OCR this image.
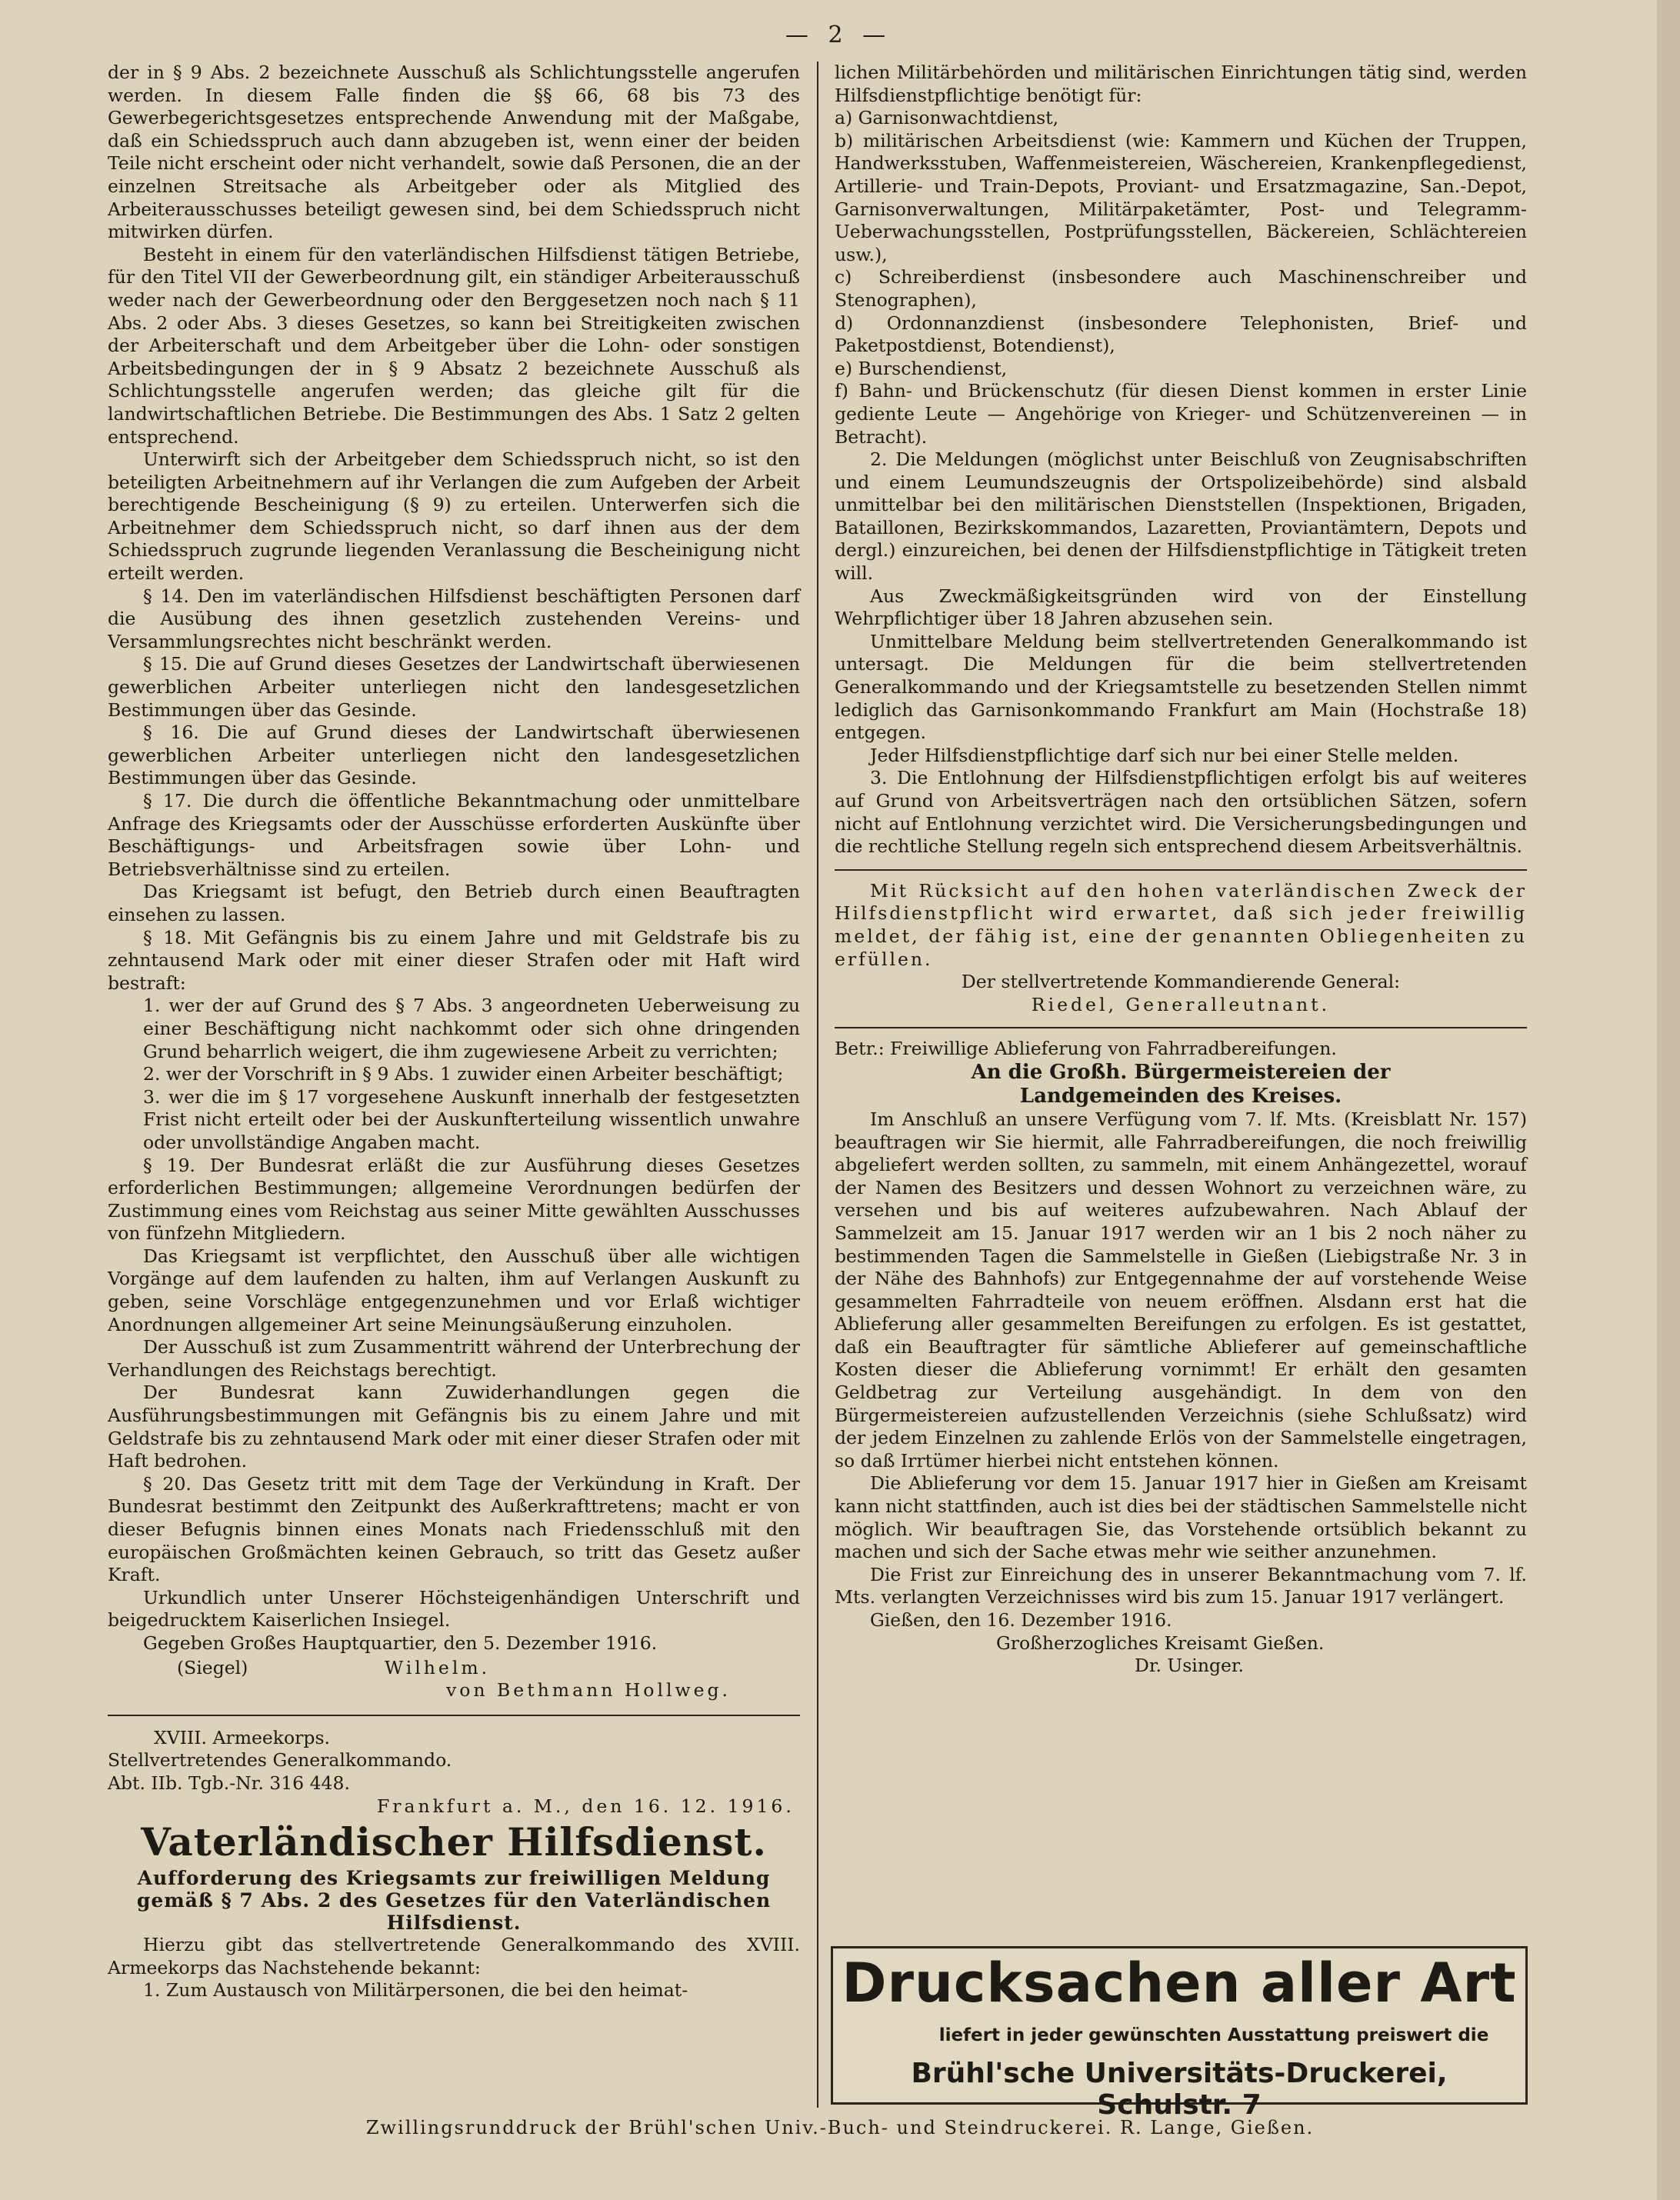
— 2 —

der in § 9 Abs. 2 bezeichnete Ausschuß als Schlichtungsstelle angerufen werden. In diesem Falle finden die §§ 66, 68 bis 73 des Gewerbegerichtsgesetzes entsprechende Anwendung mit der Maßgabe, daß ein Schiedsspruch auch dann abzugeben ist, wenn einer der beiden Teile nicht erscheint oder nicht verhandelt, sowie daß Personen, die an der einzelnen Streitsache als Arbeitgeber oder als Mitglied des Arbeiterausschusses beteiligt gewesen sind, bei dem Schiedsspruch nicht mitwirken dürfen.

Besteht in einem für den vaterländischen Hilfsdienst tätigen Betriebe, für den Titel VII der Gewerbeordnung gilt, ein ständiger Arbeiterausschuß weder nach der Gewerbeordnung oder den Berggesetzen noch nach § 11 Abs. 2 oder Abs. 3 dieses Gesetzes, so kann bei Streitigkeiten zwischen der Arbeiterschaft und dem Arbeitgeber über die Lohn- oder sonstigen Arbeitsbedingungen der in § 9 Absatz 2 bezeichnete Ausschuß als Schlichtungsstelle angerufen werden; das gleiche gilt für die landwirtschaftlichen Betriebe. Die Bestimmungen des Abs. 1 Satz 2 gelten entsprechend.

Unterwirft sich der Arbeitgeber dem Schiedsspruch nicht, so ist den beteiligten Arbeitnehmern auf ihr Verlangen die zum Aufgeben der Arbeit berechtigende Bescheinigung (§ 9) zu erteilen. Unterwerfen sich die Arbeitnehmer dem Schiedsspruch nicht, so darf ihnen aus der dem Schiedsspruch zugrunde liegenden Veranlassung die Bescheinigung nicht erteilt werden.

§ 14. Den im vaterländischen Hilfsdienst beschäftigten Personen darf die Ausübung des ihnen gesetzlich zustehenden Vereins- und Versammlungsrechtes nicht beschränkt werden.

§ 15. Die auf Grund dieses Gesetzes der Landwirtschaft überwiesenen gewerblichen Arbeiter unterliegen nicht den landesgesetzlichen Bestimmungen über das Gesinde.

§ 16. Die auf Grund dieses der Landwirtschaft überwiesenen gewerblichen Arbeiter unterliegen nicht den landesgesetzlichen Bestimmungen über das Gesinde.

§ 17. Die durch die öffentliche Bekanntmachung oder unmittelbare Anfrage des Kriegsamts oder der Ausschüsse erforderten Auskünfte über Beschäftigungs- und Arbeitsfragen sowie über Lohn- und Betriebsverhältnisse sind zu erteilen.

Das Kriegsamt ist befugt, den Betrieb durch einen Beauftragten einsehen zu lassen.

§ 18. Mit Gefängnis bis zu einem Jahre und mit Geldstrafe bis zu zehntausend Mark oder mit einer dieser Strafen oder mit Haft wird bestraft:

1. wer der auf Grund des § 7 Abs. 3 angeordneten Ueberweisung zu einer Beschäftigung nicht nachkommt oder sich ohne dringenden Grund beharrlich weigert, die ihm zugewiesene Arbeit zu verrichten;

2. wer der Vorschrift in § 9 Abs. 1 zuwider einen Arbeiter beschäftigt;

3. wer die im § 17 vorgesehene Auskunft innerhalb der festgesetzten Frist nicht erteilt oder bei der Auskunfterteilung wissentlich unwahre oder unvollständige Angaben macht.

§ 19. Der Bundesrat erläßt die zur Ausführung dieses Gesetzes erforderlichen Bestimmungen; allgemeine Verordnungen bedürfen der Zustimmung eines vom Reichstag aus seiner Mitte gewählten Ausschusses von fünfzehn Mitgliedern.

Das Kriegsamt ist verpflichtet, den Ausschuß über alle wichtigen Vorgänge auf dem laufenden zu halten, ihm auf Verlangen Auskunft zu geben, seine Vorschläge entgegenzunehmen und vor Erlaß wichtiger Anordnungen allgemeiner Art seine Meinungsäußerung einzuholen.

Der Ausschuß ist zum Zusammentritt während der Unterbrechung der Verhandlungen des Reichstags berechtigt.

Der Bundesrat kann Zuwiderhandlungen gegen die Ausführungsbestimmungen mit Gefängnis bis zu einem Jahre und mit Geldstrafe bis zu zehntausend Mark oder mit einer dieser Strafen oder mit Haft bedrohen.

§ 20. Das Gesetz tritt mit dem Tage der Verkündung in Kraft. Der Bundesrat bestimmt den Zeitpunkt des Außerkrafttretens; macht er von dieser Befugnis binnen eines Monats nach Friedensschluß mit den europäischen Großmächten keinen Gebrauch, so tritt das Gesetz außer Kraft.

Urkundlich unter Unserer Höchsteigenhändigen Unterschrift und beigedrucktem Kaiserlichen Insiegel.

Gegeben Großes Hauptquartier, den 5. Dezember 1916.

(Siegel)	Wilhelm.
von Bethmann Hollweg.
XVIII. Armeekorps.
Stellvertretendes Generalkommando.
Abt. IIb. Tgb.-Nr. 316 448.
Frankfurt a. M., den 16. 12. 1916.
Vaterländischer Hilfsdienst.
Aufforderung des Kriegsamts zur freiwilligen Meldung gemäß § 7 Abs. 2 des Gesetzes für den Vaterländischen Hilfsdienst.

Hierzu gibt das stellvertretende Generalkommando des XVIII. Armeekorps das Nachstehende bekannt:

1. Zum Austausch von Militärpersonen, die bei den heimat-

lichen Militärbehörden und militärischen Einrichtungen tätig sind, werden Hilfsdienstpflichtige benötigt für:

a) Garnisonwachtdienst,

b) militärischen Arbeitsdienst (wie: Kammern und Küchen der Truppen, Handwerksstuben, Waffenmeistereien, Wäschereien, Krankenpflegedienst, Artillerie- und Train-Depots, Proviant- und Ersatzmagazine, San.-Depot, Garnisonverwaltungen, Militärpaketämter, Post- und Telegramm-Ueberwachungsstellen, Postprüfungsstellen, Bäckereien, Schlächtereien usw.),

c) Schreiberdienst (insbesondere auch Maschinenschreiber und Stenographen),

d) Ordonnanzdienst (insbesondere Telephonisten, Brief- und Paketpostdienst, Botendienst),

e) Burschendienst,

f) Bahn- und Brückenschutz (für diesen Dienst kommen in erster Linie gediente Leute — Angehörige von Krieger- und Schützenvereinen — in Betracht).

2. Die Meldungen (möglichst unter Beischluß von Zeugnisabschriften und einem Leumundszeugnis der Ortspolizeibehörde) sind alsbald unmittelbar bei den militärischen Dienststellen (Inspektionen, Brigaden, Bataillonen, Bezirkskommandos, Lazaretten, Proviantämtern, Depots und dergl.) einzureichen, bei denen der Hilfsdienstpflichtige in Tätigkeit treten will.

Aus Zweckmäßigkeitsgründen wird von der Einstellung Wehrpflichtiger über 18 Jahren abzusehen sein.

Unmittelbare Meldung beim stellvertretenden Generalkommando ist untersagt. Die Meldungen für die beim stellvertretenden Generalkommando und der Kriegsamtstelle zu besetzenden Stellen nimmt lediglich das Garnisonkommando Frankfurt am Main (Hochstraße 18) entgegen.

Jeder Hilfsdienstpflichtige darf sich nur bei einer Stelle melden.

3. Die Entlohnung der Hilfsdienstpflichtigen erfolgt bis auf weiteres auf Grund von Arbeitsverträgen nach den ortsüblichen Sätzen, sofern nicht auf Entlohnung verzichtet wird. Die Versicherungsbedingungen und die rechtliche Stellung regeln sich entsprechend diesem Arbeitsverhältnis.

Mit Rücksicht auf den hohen vaterländischen Zweck der Hilfsdienstpflicht wird erwartet, daß sich jeder freiwillig meldet, der fähig ist, eine der genannten Obliegenheiten zu erfüllen.

Der stellvertretende Kommandierende General:
Riedel, Generalleutnant.
Betr.: Freiwillige Ablieferung von Fahrradbereifungen.
An die Großh. Bürgermeistereien der Landgemeinden des Kreises.

Im Anschluß an unsere Verfügung vom 7. lf. Mts. (Kreisblatt Nr. 157) beauftragen wir Sie hiermit, alle Fahrradbereifungen, die noch freiwillig abgeliefert werden sollten, zu sammeln, mit einem Anhängezettel, worauf der Namen des Besitzers und dessen Wohnort zu verzeichnen wäre, zu versehen und bis auf weiteres aufzubewahren. Nach Ablauf der Sammelzeit am 15. Januar 1917 werden wir an 1 bis 2 noch näher zu bestimmenden Tagen die Sammelstelle in Gießen (Liebigstraße Nr. 3 in der Nähe des Bahnhofs) zur Entgegennahme der auf vorstehende Weise gesammelten Fahrradteile von neuem eröffnen. Alsdann erst hat die Ablieferung aller gesammelten Bereifungen zu erfolgen. Es ist gestattet, daß ein Beauftragter für sämtliche Ablieferer auf gemeinschaftliche Kosten dieser die Ablieferung vornimmt! Er erhält den gesamten Geldbetrag zur Verteilung ausgehändigt. In dem von den Bürgermeistereien aufzustellenden Verzeichnis (siehe Schlußsatz) wird der jedem Einzelnen zu zahlende Erlös von der Sammelstelle eingetragen, so daß Irrtümer hierbei nicht entstehen können.

Die Ablieferung vor dem 15. Januar 1917 hier in Gießen am Kreisamt kann nicht stattfinden, auch ist dies bei der städtischen Sammelstelle nicht möglich. Wir beauftragen Sie, das Vorstehende ortsüblich bekannt zu machen und sich der Sache etwas mehr wie seither anzunehmen.

Die Frist zur Einreichung des in unserer Bekanntmachung vom 7. lf. Mts. verlangten Verzeichnisses wird bis zum 15. Januar 1917 verlängert.

Gießen, den 16. Dezember 1916.
Großherzogliches Kreisamt Gießen.
Dr. Usinger.
Drucksachen aller Art
liefert in jeder gewünschten Ausstattung preiswert die
Brühl'sche Universitäts-Druckerei, Schulstr. 7
Zwillingsrunddruck der Brühl'schen Univ.-Buch- und Steindruckerei. R. Lange, Gießen.
